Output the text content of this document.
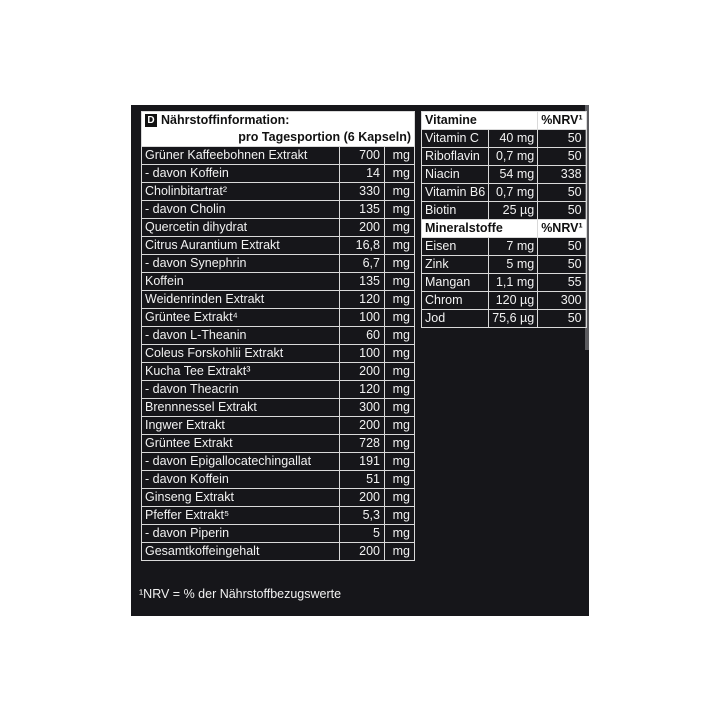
D Nährstoffinformation:
pro Tagesportion (6 Kapseln)		

Grüner Kaffeebohnen Extrakt	700	mg
- davon Koffein	14	mg
Cholinbitartrat²	330	mg
- davon Cholin	135	mg
Quercetin dihydrat	200	mg
Citrus Aurantium Extrakt	16,8	mg
- davon Synephrin	6,7	mg
Koffein	135	mg
Weidenrinden Extrakt	120	mg
Grüntee Extrakt⁴	100	mg
- davon L-Theanin	60	mg
Coleus Forskohlii Extrakt	100	mg
Kucha Tee Extrakt³	200	mg
- davon Theacrin	120	mg
Brennnessel Extrakt	300	mg
Ingwer Extrakt	200	mg
Grüntee Extrakt	728	mg
- davon Epigallocatechingallat	191	mg
- davon Koffein	51	mg
Ginseng Extrakt	200	mg
Pfeffer Extrakt⁵	5,3	mg
- davon Piperin	5	mg
Gesamtkoffeingehalt	200	mg
Vitamine		%NRV¹
Vitamin C	40 mg	50
Riboflavin	0,7 mg	50
Niacin	54 mg	338
Vitamin B6	0,7 mg	50
Biotin	25 µg	50
Mineralstoffe		%NRV¹
Eisen	7 mg	50
Zink	5 mg	50
Mangan	1,1 mg	55
Chrom	120 µg	300
Jod	75,6 µg	50
¹NRV = % der Nährstoffbezugswerte
